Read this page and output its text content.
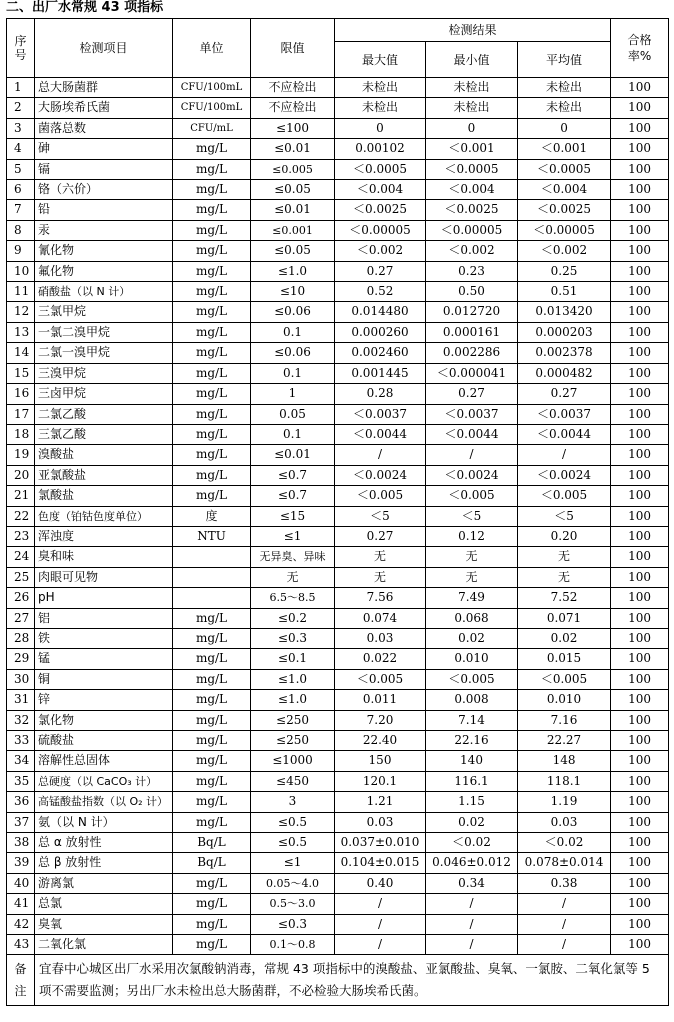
二、出厂水常规 43 项指标
序号	检测项目	单位	限值	检测结果			合格率%
				最大值	最小值	平均值	
1	总大肠菌群	CFU/100mL	不应检出	未检出	未检出	未检出	100
2	大肠埃希氏菌	CFU/100mL	不应检出	未检出	未检出	未检出	100
3	菌落总数	CFU/mL	≤100	0	0	0	100
4	砷	mg/L	≤0.01	0.00102	＜0.001	＜0.001	100
5	镉	mg/L	≤0.005	＜0.0005	＜0.0005	＜0.0005	100
6	铬（六价）	mg/L	≤0.05	＜0.004	＜0.004	＜0.004	100
7	铅	mg/L	≤0.01	＜0.0025	＜0.0025	＜0.0025	100
8	汞	mg/L	≤0.001	＜0.00005	＜0.00005	＜0.00005	100
9	氰化物	mg/L	≤0.05	＜0.002	＜0.002	＜0.002	100
10	氟化物	mg/L	≤1.0	0.27	0.23	0.25	100
11	硝酸盐（以 N 计）	mg/L	≤10	0.52	0.50	0.51	100
12	三氯甲烷	mg/L	≤0.06	0.014480	0.012720	0.013420	100
13	一氯二溴甲烷	mg/L	0.1	0.000260	0.000161	0.000203	100
14	二氯一溴甲烷	mg/L	≤0.06	0.002460	0.002286	0.002378	100
15	三溴甲烷	mg/L	0.1	0.001445	＜0.000041	0.000482	100
16	三卤甲烷	mg/L	1	0.28	0.27	0.27	100
17	二氯乙酸	mg/L	0.05	＜0.0037	＜0.0037	＜0.0037	100
18	三氯乙酸	mg/L	0.1	＜0.0044	＜0.0044	＜0.0044	100
19	溴酸盐	mg/L	≤0.01	/	/	/	100
20	亚氯酸盐	mg/L	≤0.7	＜0.0024	＜0.0024	＜0.0024	100
21	氯酸盐	mg/L	≤0.7	＜0.005	＜0.005	＜0.005	100
22	色度（铂钴色度单位）	度	≤15	＜5	＜5	＜5	100
23	浑浊度	NTU	≤1	0.27	0.12	0.20	100
24	臭和味		无异臭、异味	无	无	无	100
25	肉眼可见物		无	无	无	无	100
26	pH		6.5～8.5	7.56	7.49	7.52	100
27	铝	mg/L	≤0.2	0.074	0.068	0.071	100
28	铁	mg/L	≤0.3	0.03	0.02	0.02	100
29	锰	mg/L	≤0.1	0.022	0.010	0.015	100
30	铜	mg/L	≤1.0	＜0.005	＜0.005	＜0.005	100
31	锌	mg/L	≤1.0	0.011	0.008	0.010	100
32	氯化物	mg/L	≤250	7.20	7.14	7.16	100
33	硫酸盐	mg/L	≤250	22.40	22.16	22.27	100
34	溶解性总固体	mg/L	≤1000	150	140	148	100
35	总硬度（以 CaCO₃ 计）	mg/L	≤450	120.1	116.1	118.1	100
36	高锰酸盐指数（以 O₂ 计）	mg/L	3	1.21	1.15	1.19	100
37	氨（以 N 计）	mg/L	≤0.5	0.03	0.02	0.03	100
38	总 α 放射性	Bq/L	≤0.5	0.037±0.010	＜0.02	＜0.02	100
39	总 β 放射性	Bq/L	≤1	0.104±0.015	0.046±0.012	0.078±0.014	100
40	游离氯	mg/L	0.05～4.0	0.40	0.34	0.38	100
41	总氯	mg/L	0.5～3.0	/	/	/	100
42	臭氧	mg/L	≤0.3	/	/	/	100
43	二氧化氯	mg/L	0.1～0.8	/	/	/	100
备注	宜春中心城区出厂水采用次氯酸钠消毒，常规 43 项指标中的溴酸盐、亚氯酸盐、臭氧、一氯胺、二氧化氯等 5 项不需要监测；另出厂水未检出总大肠菌群，不必检验大肠埃希氏菌。						
